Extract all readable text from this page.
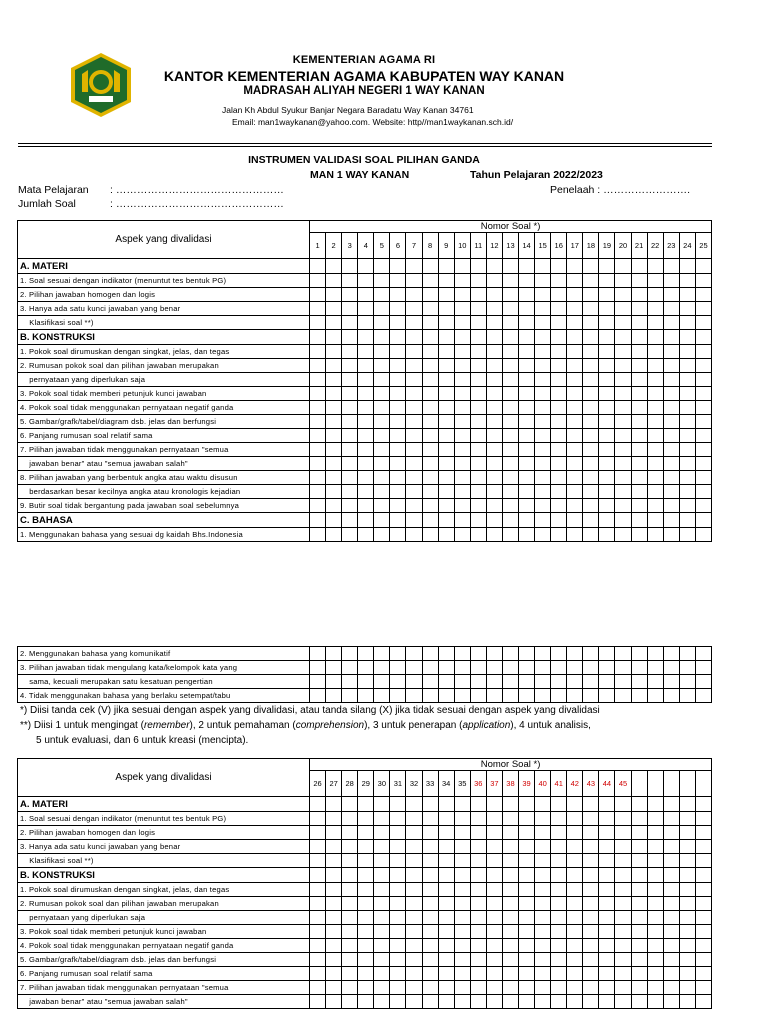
KEMENTERIAN AGAMA RI
KANTOR KEMENTERIAN AGAMA KABUPATEN WAY KANAN
MADRASAH ALIYAH NEGERI 1 WAY KANAN
Jalan Kh Abdul Syukur Banjar Negara Baradatu Way Kanan 34761
Email: man1waykanan@yahoo.com. Website: http//man1waykanan.sch.id/
INSTRUMEN VALIDASI SOAL PILIHAN GANDA
MAN 1 WAY KANAN	Tahun Pelajaran 2022/2023
Mata Pelajaran : …………………………………………
Jumlah Soal	: …………………………………………
Penelaah : …………………….
Aspek yang divalidasi	Nomor Soal *)																								
	1	2	3	4	5	6	7	8	9	10	11	12	13	14	15	16	17	18	19	20	21	22	23	24	25
A. MATERI																									
1. Soal sesuai dengan indikator (menuntut tes bentuk PG)																									
2. Pilihan jawaban homogen dan logis																									
3. Hanya ada satu kunci jawaban yang benar																									
Klasifikasi soal **)																									
B. KONSTRUKSI																									
1. Pokok soal dirumuskan dengan singkat, jelas, dan tegas																									
2. Rumusan pokok soal dan pilihan jawaban merupakan																									
pernyataan yang diperlukan saja																									
3. Pokok soal tidak memberi petunjuk kunci jawaban																									
4. Pokok soal tidak menggunakan pernyataan negatif ganda																									
5. Gambar/grafk/tabel/diagram dsb. jelas dan berfungsi																									
6. Panjang rumusan soal relatif sama																									
7. Pilihan jawaban tidak menggunakan pernyataan "semua																									
jawaban benar" atau "semua jawaban salah"																									
8. Pilihan jawaban yang berbentuk angka atau waktu disusun																									
berdasarkan besar kecilnya angka atau kronologis kejadian																									
9. Butir soal tidak bergantung pada jawaban soal sebelumnya																									
C. BAHASA																									
1. Menggunakan bahasa yang sesuai dg kaidah Bhs.Indonesia																									
2. Menggunakan bahasa yang komunikatif																									
3. Pilihan jawaban tidak mengulang kata/kelompok kata yang																									
sama, kecuali merupakan satu kesatuan pengertian																									
4. Tidak menggunakan bahasa yang berlaku setempat/tabu																									
*) Diisi tanda cek (V) jika sesuai dengan aspek yang divalidasi, atau tanda silang (X) jika tidak sesuai dengan aspek yang divalidasi
**) Diisi 1 untuk mengingat (remember), 2 untuk pemahaman (comprehension), 3 untuk penerapan (application), 4 untuk analisis,
5 untuk evaluasi, dan 6 untuk kreasi (mencipta).
Aspek yang divalidasi	Nomor Soal *)																								
	26	27	28	29	30	31	32	33	34	35	36	37	38	39	40	41	42	43	44	45					
A. MATERI																									
1. Soal sesuai dengan indikator (menuntut tes bentuk PG)																									
2. Pilihan jawaban homogen dan logis																									
3. Hanya ada satu kunci jawaban yang benar																									
Klasifikasi soal **)																									
B. KONSTRUKSI																									
1. Pokok soal dirumuskan dengan singkat, jelas, dan tegas																									
2. Rumusan pokok soal dan pilihan jawaban merupakan																									
pernyataan yang diperlukan saja																									
3. Pokok soal tidak memberi petunjuk kunci jawaban																									
4. Pokok soal tidak menggunakan pernyataan negatif ganda																									
5. Gambar/grafk/tabel/diagram dsb. jelas dan berfungsi																									
6. Panjang rumusan soal relatif sama																									
7. Pilihan jawaban tidak menggunakan pernyataan "semua																									
jawaban benar" atau "semua jawaban salah"																									
